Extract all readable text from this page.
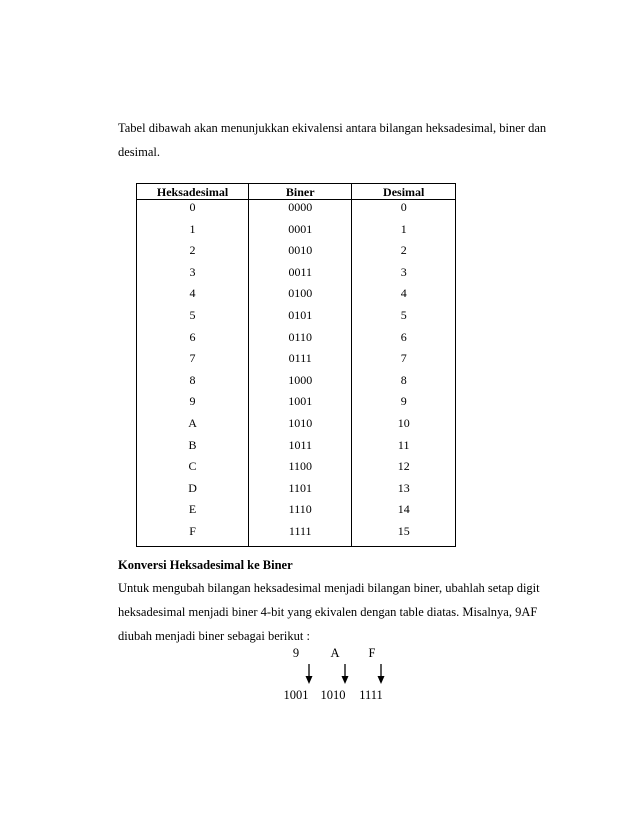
Tabel dibawah akan menunjukkan ekivalensi antara bilangan heksadesimal, biner dan

desimal.

Heksadesimal	Biner	Desimal
0	0000	0
1	0001	1
2	0010	2
3	0011	3
4	0100	4
5	0101	5
6	0110	6
7	0111	7
8	1000	8
9	1001	9
A	1010	10
B	1011	11
C	1100	12
D	1101	13
E	1110	14
F	1111	15

Konversi Heksadesimal ke Biner

Untuk mengubah bilangan heksadesimal menjadi bilangan biner, ubahlah setap digit

heksadesimal menjadi biner 4-bit yang ekivalen dengan table diatas. Misalnya, 9AF

diubah menjadi biner sebagai berikut :

9	A	F
1001 1010	1111
